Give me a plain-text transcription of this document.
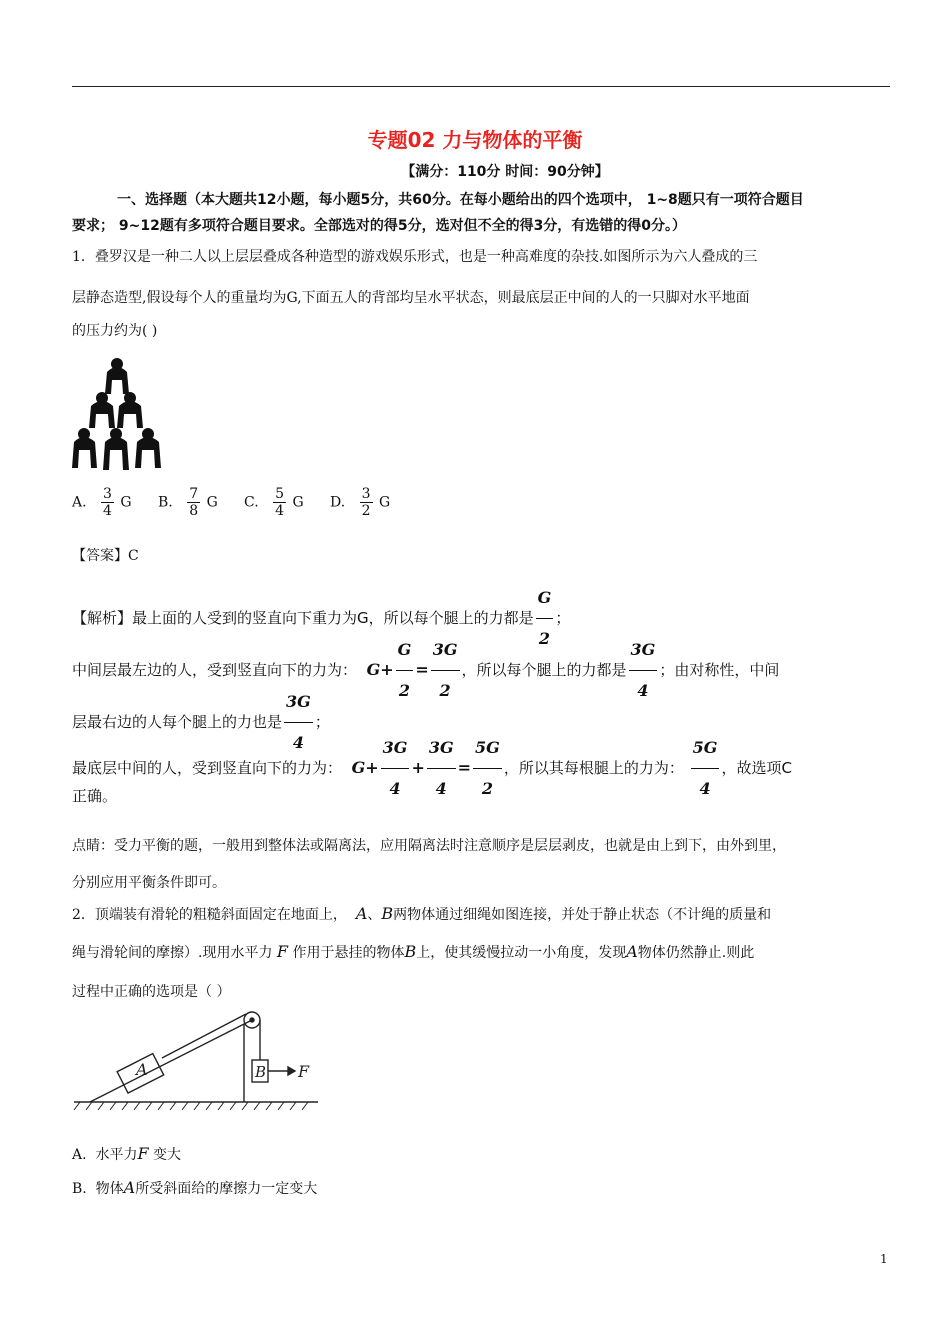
专题02 力与物体的平衡
【满分：110分 时间：90分钟】
一、选择题（本大题共12小题，每小题5分，共60分。在每小题给出的四个选项中， 1~8题只有一项符合题目
要求； 9~12题有多项符合题目要求。全部选对的得5分，选对但不全的得3分，有选错的得0分。）
1．叠罗汉是一种二人以上层层叠成各种造型的游戏娱乐形式，也是一种高难度的杂技.如图所示为六人叠成的三
层静态造型,假设每个人的重量均为G,下面五人的背部均呈水平状态，则最底层正中间的人的一只脚对水平地面
的压力约为( )
A. $\frac{3}{4}$ G B. $\frac{7}{8}$ G C. $\frac{5}{4}$ G D. $\frac{3}{2}$ G
【答案】C
【解析】最上面的人受到的竖直向下重力为G，所以每个腿上的力都是 $\frac{G}{2}$ ；
中间层最左边的人，受到竖直向下的力为： $G+ \frac{G}{2} = \frac{3G}{2}$ ，所以每个腿上的力都是 $\frac{3G}{4}$ ；由对称性，中间
层最右边的人每个腿上的力也是 $\frac{3G}{4}$ ；
最底层中间的人，受到竖直向下的力为： $G+ \frac{3G}{4} + \frac{3G}{4} = \frac{5G}{2}$ ，所以其每根腿上的力为： $\frac{5G}{4}$ ，故选项C
正确。
点睛：受力平衡的题，一般用到整体法或隔离法，应用隔离法时注意顺序是层层剥皮，也就是由上到下，由外到里，
分别应用平衡条件即可。
2．顶端装有滑轮的粗糙斜面固定在地面上， A、B两物体通过细绳如图连接，并处于静止状态（不计绳的质量和
绳与滑轮间的摩擦）.现用水平力 F 作用于悬挂的物体B上，使其缓慢拉动一小角度，发现A物体仍然静止.则此
过程中正确的选项是（ ）
A	B F
A. 水平力F 变大
B. 物体A所受斜面给的摩擦力一定变大
1
